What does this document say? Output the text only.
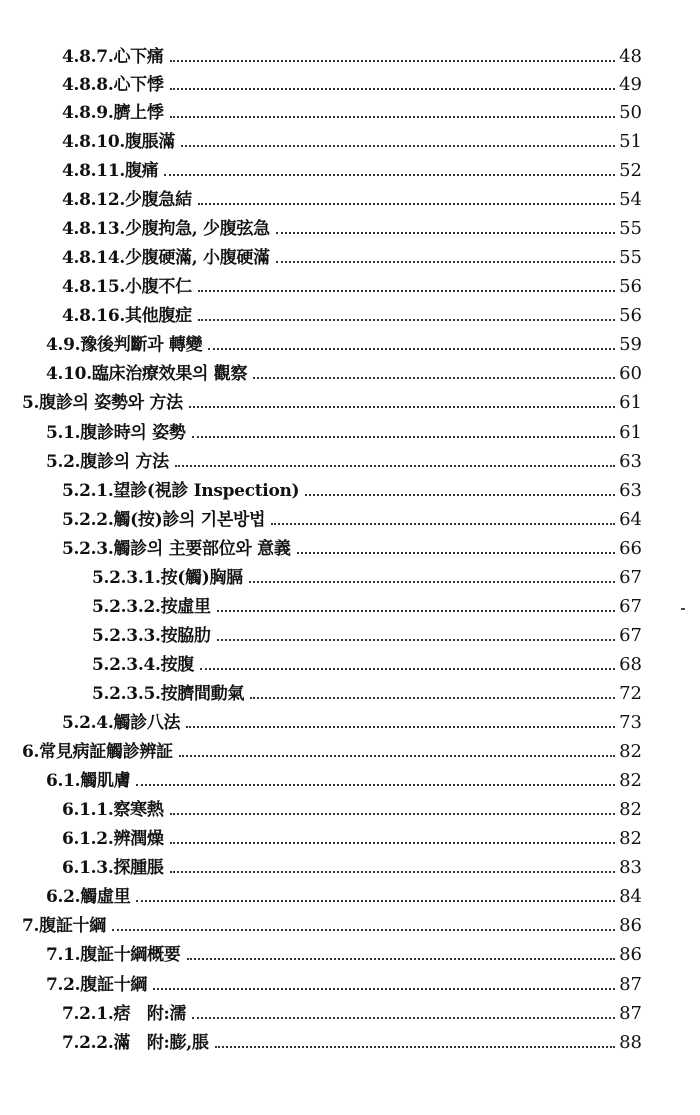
4.8.7.心下痛	48
4.8.8.心下悸	49
4.8.9.臍上悸	50
4.8.10.腹脹滿	51
4.8.11.腹痛	52
4.8.12.少腹急結	54
4.8.13.少腹拘急, 少腹弦急	55
4.8.14.少腹硬滿, 小腹硬滿	55
4.8.15.小腹不仁	56
4.8.16.其他腹症	56
4.9.豫後判斷과 轉變	59
4.10.臨床治療效果의 觀察	60
5.腹診의 姿勢와 方法	61
5.1.腹診時의 姿勢	61
5.2.腹診의 方法	63
5.2.1.望診(視診 Inspection)	63
5.2.2.觸(按)診의 기본방법	64
5.2.3.觸診의 主要部位와 意義	66
5.2.3.1.按(觸)胸膈	67
5.2.3.2.按虛里	67
5.2.3.3.按脇肋	67
5.2.3.4.按腹	68
5.2.3.5.按臍間動氣	72
5.2.4.觸診八法	73
6.常見病証觸診辨証	82
6.1.觸肌膚	82
6.1.1.察寒熱	82
6.1.2.辨潤燥	82
6.1.3.探腫脹	83
6.2.觸虛里	84
7.腹証十綱	86
7.1.腹証十綱概要	86
7.2.腹証十綱	87
7.2.1.痞　附:濡	87
7.2.2.滿　附:膨,脹	88
